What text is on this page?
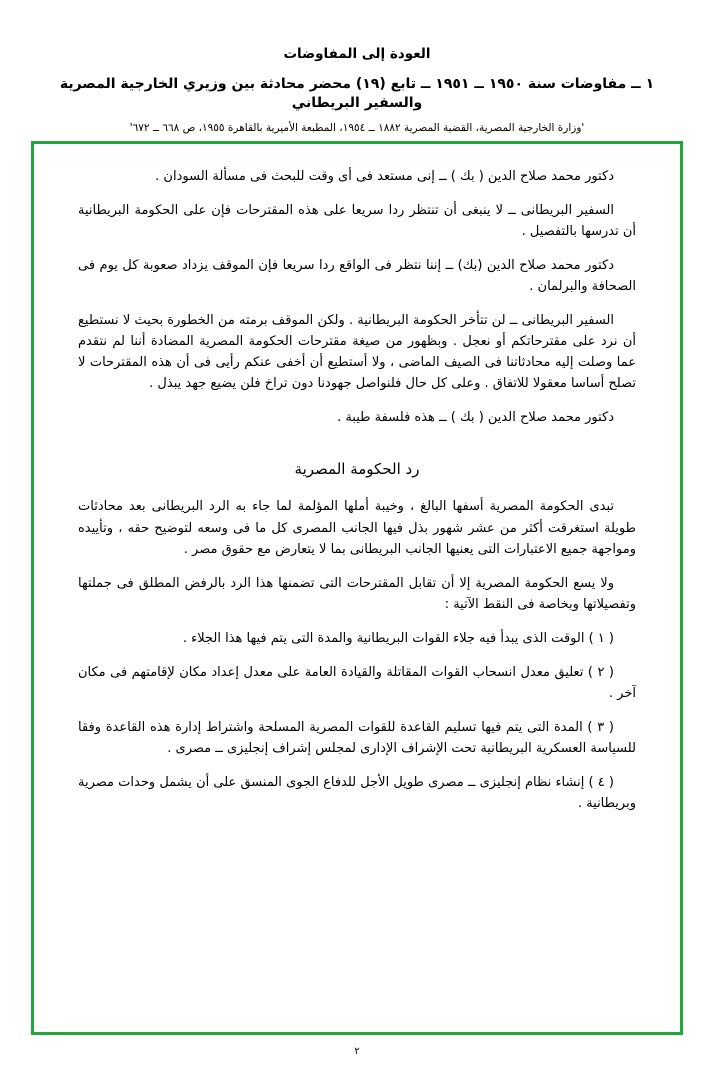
العودة إلى المفاوضات
١ ــ مفاوضات سنة ١٩٥٠ ــ ١٩٥١ ــ تابع (١٩) محضر محادثة بين وزيري الخارجية المصرية والسفير البريطاني
'وزارة الخارجية المصرية، القضية المصرية ١٨٨٢ ــ ١٩٥٤، المطبعة الأميرية بالقاهرة ١٩٥٥، ص ٦٦٨ ــ ٦٧٢'

دكتور محمد صلاح الدين ( بك ) ــ إنى مستعد فى أى وقت للبحث فى مسألة السودان .

السفير البريطانى ــ لا ينبغى أن تنتظر ردا سريعا على هذه المقترحات فإن على الحكومة البريطانية أن تدرسها بالتفصيل .

دكتور محمد صلاح الدين (بك) ــ إننا نتظر فى الواقع ردا سريعا فإن الموقف يزداد صعوبة كل يوم فى الصحافة والبرلمان .

السفير البريطانى ــ لن تتأخر الحكومة البريطانية . ولكن الموقف برمته من الخطورة بحيث لا نستطيع أن نرد على مقترحاتكم أو نعجل . وبظهور من صيغة مقترحات الحكومة المصرية المضادة أننا لم نتقدم عما وصلت إليه محادثاتنا فى الصيف الماضى ، ولا أستطيع أن أخفى عنكم رأيى فى أن هذه المقترحات لا تصلح أساسا معقولا للاتفاق . وعلى كل حال فلنواصل جهودنا دون تراخ فلن يضيع جهد يبذل .

دكتور محمد صلاح الدين ( بك ) ــ هذه فلسفة طيبة .

رد الحكومة المصرية

تبدى الحكومة المصرية أسفها البالغ ، وخيبة أملها المؤلمة لما جاء به الرد البريطانى بعد محادثات طويلة استغرقت أكثر من عشر شهور بذل فيها الجانب المصرى كل ما فى وسعه لتوضيح حقه ، وتأييده ومواجهة جميع الاعتبارات التى يعنيها الجانب البريطانى بما لا يتعارض مع حقوق مصر .

ولا يسع الحكومة المصرية إلا أن تقابل المقترحات التى تضمنها هذا الرد بالرفض المطلق فى جملتها وتفصيلاتها وبخاصة فى النقط الآتية :

( ١ ) الوقت الذى يبدأ فيه جلاء القوات البريطانية والمدة التى يتم فيها هذا الجلاء .

( ٢ ) تعليق معدل انسحاب القوات المقاتلة والقيادة العامة على معدل إعداد مكان لإقامتهم فى مكان آخر .

( ٣ ) المدة التى يتم فيها تسليم القاعدة للقوات المصرية المسلحة واشتراط إدارة هذه القاعدة وفقا للسياسة العسكرية البريطانية تحت الإشراف الإدارى لمجلس إشراف إنجليزى ــ مصرى .

( ٤ ) إنشاء نظام إنجليزى ــ مصرى طويل الأجل للدفاع الجوى المنسق على أن يشمل وحدات مصرية وبريطانية .

٢
